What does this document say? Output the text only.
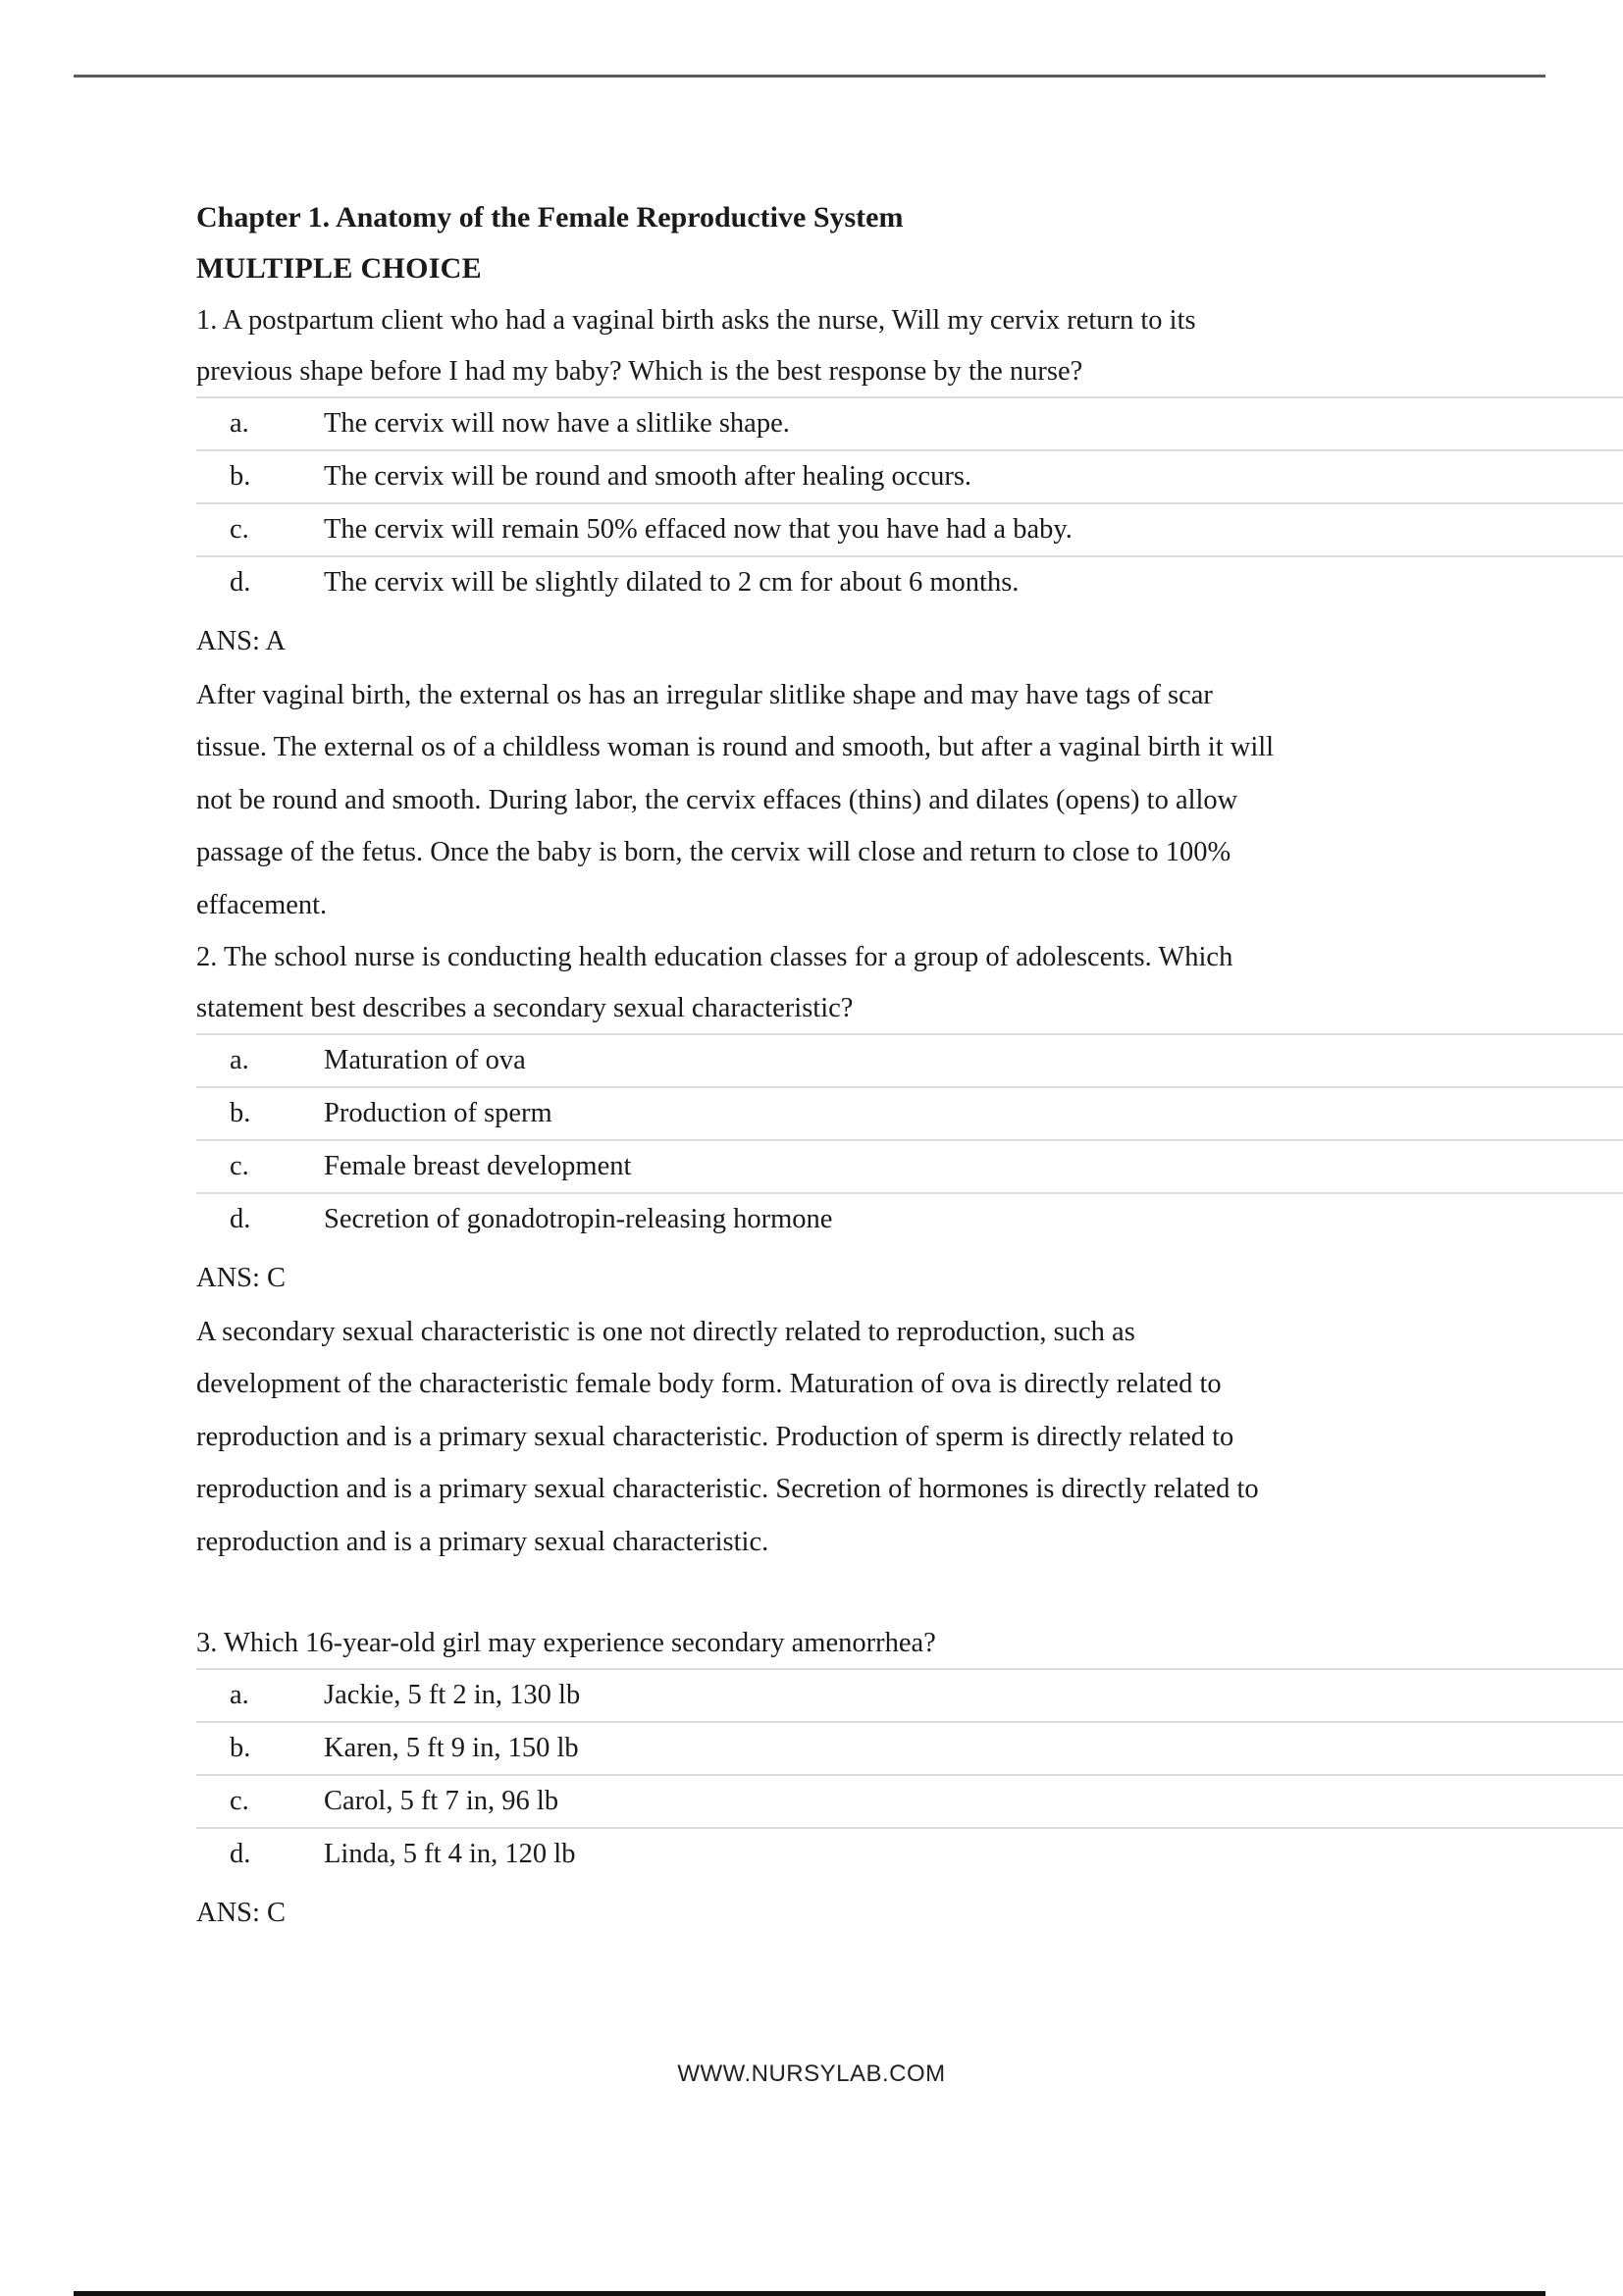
Chapter 1. Anatomy of the Female Reproductive System

MULTIPLE CHOICE

1. A postpartum client who had a vaginal birth asks the nurse, Will my cervix return to its

previous shape before I had my baby? Which is the best response by the nurse?

a.	The cervix will now have a slitlike shape.
b.	The cervix will be round and smooth after healing occurs.
c.	The cervix will remain 50% effaced now that you have had a baby.
d.	The cervix will be slightly dilated to 2 cm for about 6 months.

ANS: A

After vaginal birth, the external os has an irregular slitlike shape and may have tags of scar

tissue. The external os of a childless woman is round and smooth, but after a vaginal birth it will

not be round and smooth. During labor, the cervix effaces (thins) and dilates (opens) to allow

passage of the fetus. Once the baby is born, the cervix will close and return to close to 100%

effacement.

2. The school nurse is conducting health education classes for a group of adolescents. Which

statement best describes a secondary sexual characteristic?

a.	Maturation of ova
b.	Production of sperm
c.	Female breast development
d.	Secretion of gonadotropin-releasing hormone

ANS: C

A secondary sexual characteristic is one not directly related to reproduction, such as

development of the characteristic female body form. Maturation of ova is directly related to

reproduction and is a primary sexual characteristic. Production of sperm is directly related to

reproduction and is a primary sexual characteristic. Secretion of hormones is directly related to

reproduction and is a primary sexual characteristic.

3. Which 16-year-old girl may experience secondary amenorrhea?

a.	Jackie, 5 ft 2 in, 130 lb
b.	Karen, 5 ft 9 in, 150 lb
c.	Carol, 5 ft 7 in, 96 lb
d.	Linda, 5 ft 4 in, 120 lb

ANS: C

WWW.NURSYLAB.COM
